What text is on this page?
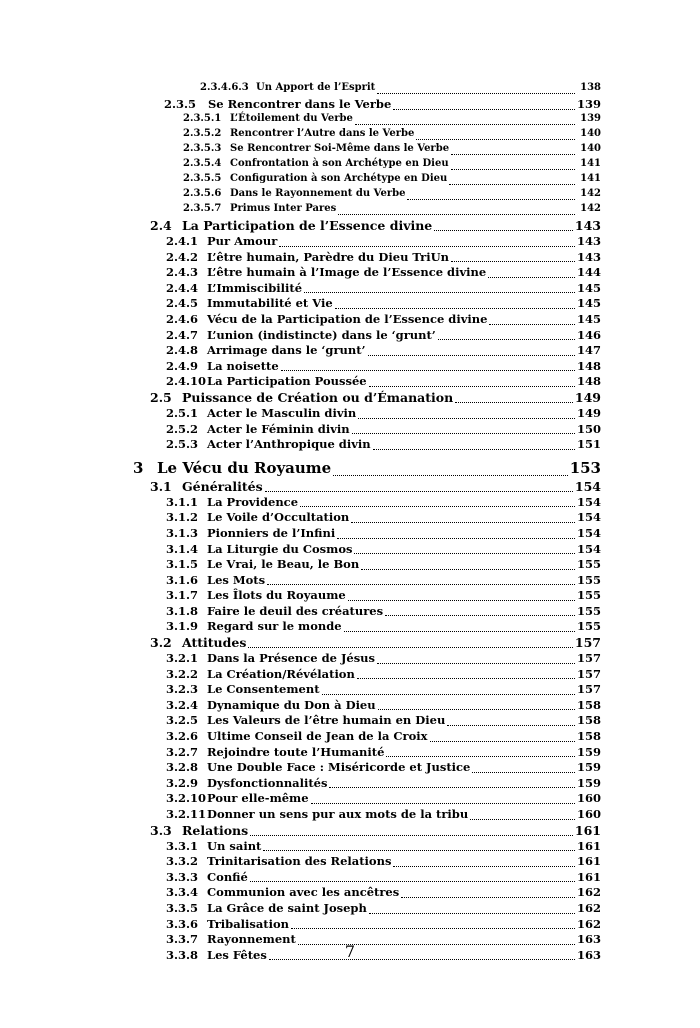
2.3.4.6.3 Un Apport de l’Esprit	138
2.3.5	Se Rencontrer dans le Verbe	139
2.3.5.1 L’Étoilement du Verbe	139
2.3.5.2 Rencontrer l’Autre dans le Verbe	140
2.3.5.3 Se Rencontrer Soi-Même dans le Verbe	140
2.3.5.4 Confrontation à son Archétype en Dieu	141
2.3.5.5 Configuration à son Archétype en Dieu	141
2.3.5.6 Dans le Rayonnement du Verbe	142
2.3.5.7 Primus Inter Pares	142
2.4 La Participation de l’Essence divine	143
2.4.1 Pur Amour	143
2.4.2 L’être humain, Parèdre du Dieu TriUn	143
2.4.3 L’être humain à l’Image de l’Essence divine	144
2.4.4 L’Immiscibilité	145
2.4.5 Immutabilité et Vie	145
2.4.6 Vécu de la Participation de l’Essence divine	145
2.4.7 L’union (indistincte) dans le ‘grunt’	146
2.4.8 Arrimage dans le ‘grunt’	147
2.4.9 La noisette	148
2.4.10 La Participation Poussée	148
2.5 Puissance de Création ou d’Émanation	149
2.5.1 Acter le Masculin divin	149
2.5.2 Acter le Féminin divin	150
2.5.3 Acter l’Anthropique divin	151
3 Le Vécu du Royaume	153
3.1 Généralités	154
3.1.1 La Providence	154
3.1.2 Le Voile d’Occultation	154
3.1.3 Pionniers de l’Infini	154
3.1.4 La Liturgie du Cosmos	154
3.1.5 Le Vrai, le Beau, le Bon	155
3.1.6 Les Mots	155
3.1.7 Les Îlots du Royaume	155
3.1.8 Faire le deuil des créatures	155
3.1.9 Regard sur le monde	155
3.2 Attitudes	157
3.2.1 Dans la Présence de Jésus	157
3.2.2 La Création/Révélation	157
3.2.3 Le Consentement	157
3.2.4 Dynamique du Don à Dieu	158
3.2.5 Les Valeurs de l’être humain en Dieu	158
3.2.6 Ultime Conseil de Jean de la Croix	158
3.2.7 Rejoindre toute l’Humanité	159
3.2.8 Une Double Face : Miséricorde et Justice	159
3.2.9 Dysfonctionnalités	159
3.2.10 Pour elle-même	160
3.2.11 Donner un sens pur aux mots de la tribu	160
3.3 Relations	161
3.3.1 Un saint	161
3.3.2 Trinitarisation des Relations	161
3.3.3 Confié	161
3.3.4 Communion avec les ancêtres	162
3.3.5 La Grâce de saint Joseph	162
3.3.6 Tribalisation	162
3.3.7 Rayonnement	163
3.3.8 Les Fêtes	163
7
